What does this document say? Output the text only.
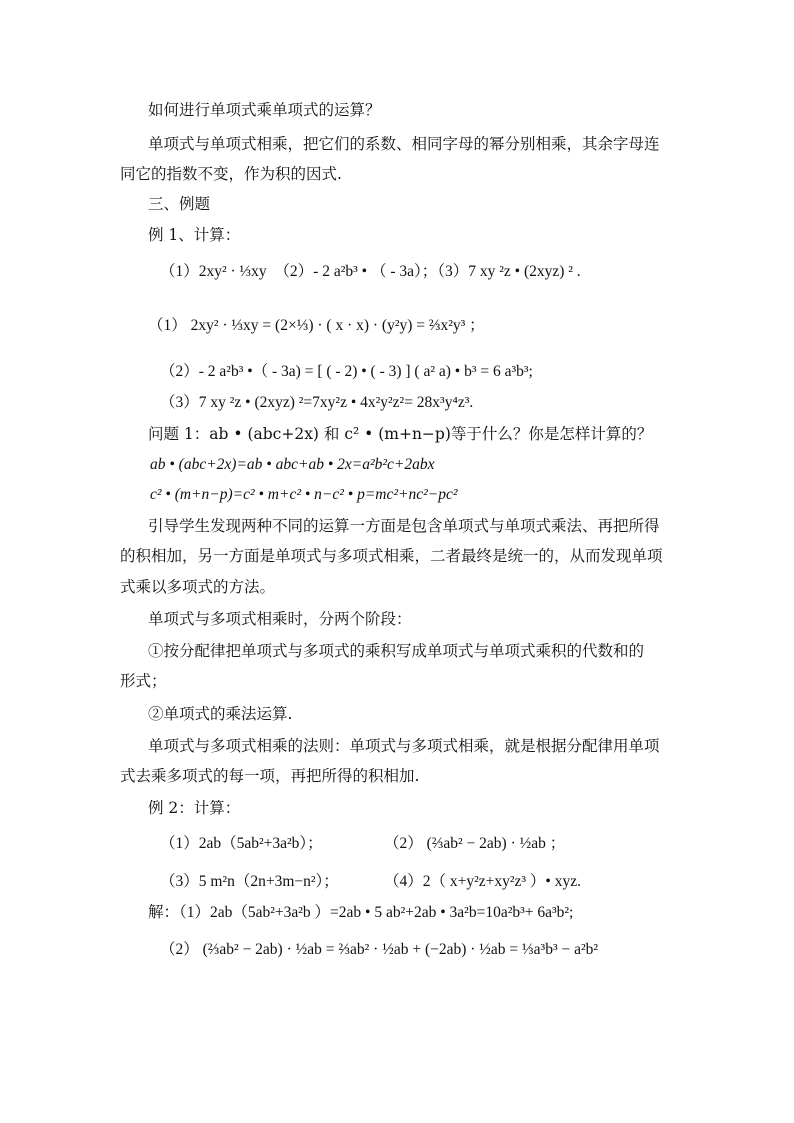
如何进行单项式乘单项式的运算？
单项式与单项式相乘，把它们的系数、相同字母的幂分别相乘，其余字母连
同它的指数不变，作为积的因式.
三、例题
例 1、计算：
（1）2xy² · ⅓xy　（2）- 2 a²b³ • （ - 3a）；（3）7 xy ²z • (2xyz) ² .
（1） 2xy² · ⅓xy = (2×⅓) · ( x · x) · (y²y) = ⅔x²y³ ；
（2）- 2 a²b³ •（ - 3a) = [ ( - 2) • ( - 3) ] ( a² a) • b³ = 6 a³b³;
（3）7 xy ²z • (2xyz) ²=7xy²z • 4x²y²z²= 28x³y⁴z³.
问题 1：ab • (abc+2x) 和 c² • (m+n−p)等于什么？你是怎样计算的？
ab • (abc+2x)=ab • abc+ab • 2x=a²b²c+2abx
c² • (m+n−p)=c² • m+c² • n−c² • p=mc²+nc²−pc²
引导学生发现两种不同的运算一方面是包含单项式与单项式乘法、再把所得
的积相加，另一方面是单项式与多项式相乘，二者最终是统一的，从而发现单项
式乘以多项式的方法。
单项式与多项式相乘时，分两个阶段：
①按分配律把单项式与多项式的乘积写成单项式与单项式乘积的代数和的
形式；
②单项式的乘法运算.
单项式与多项式相乘的法则：单项式与多项式相乘，就是根据分配律用单项
式去乘多项式的每一项，再把所得的积相加.
例 2：计算：
（1）2ab（5ab²+3a²b）；	（2） (⅔ab² − 2ab) · ½ab ；
（3）5 m²n（2n+3m−n²）；	（4）2（ x+y²z+xy²z³ ）• xyz.
解：（1）2ab（5ab²+3a²b ）=2ab • 5 ab²+2ab • 3a²b=10a²b³+ 6a³b²;
（2） (⅔ab² − 2ab) · ½ab = ⅔ab² · ½ab + (−2ab) · ½ab = ⅓a³b³ − a²b²
